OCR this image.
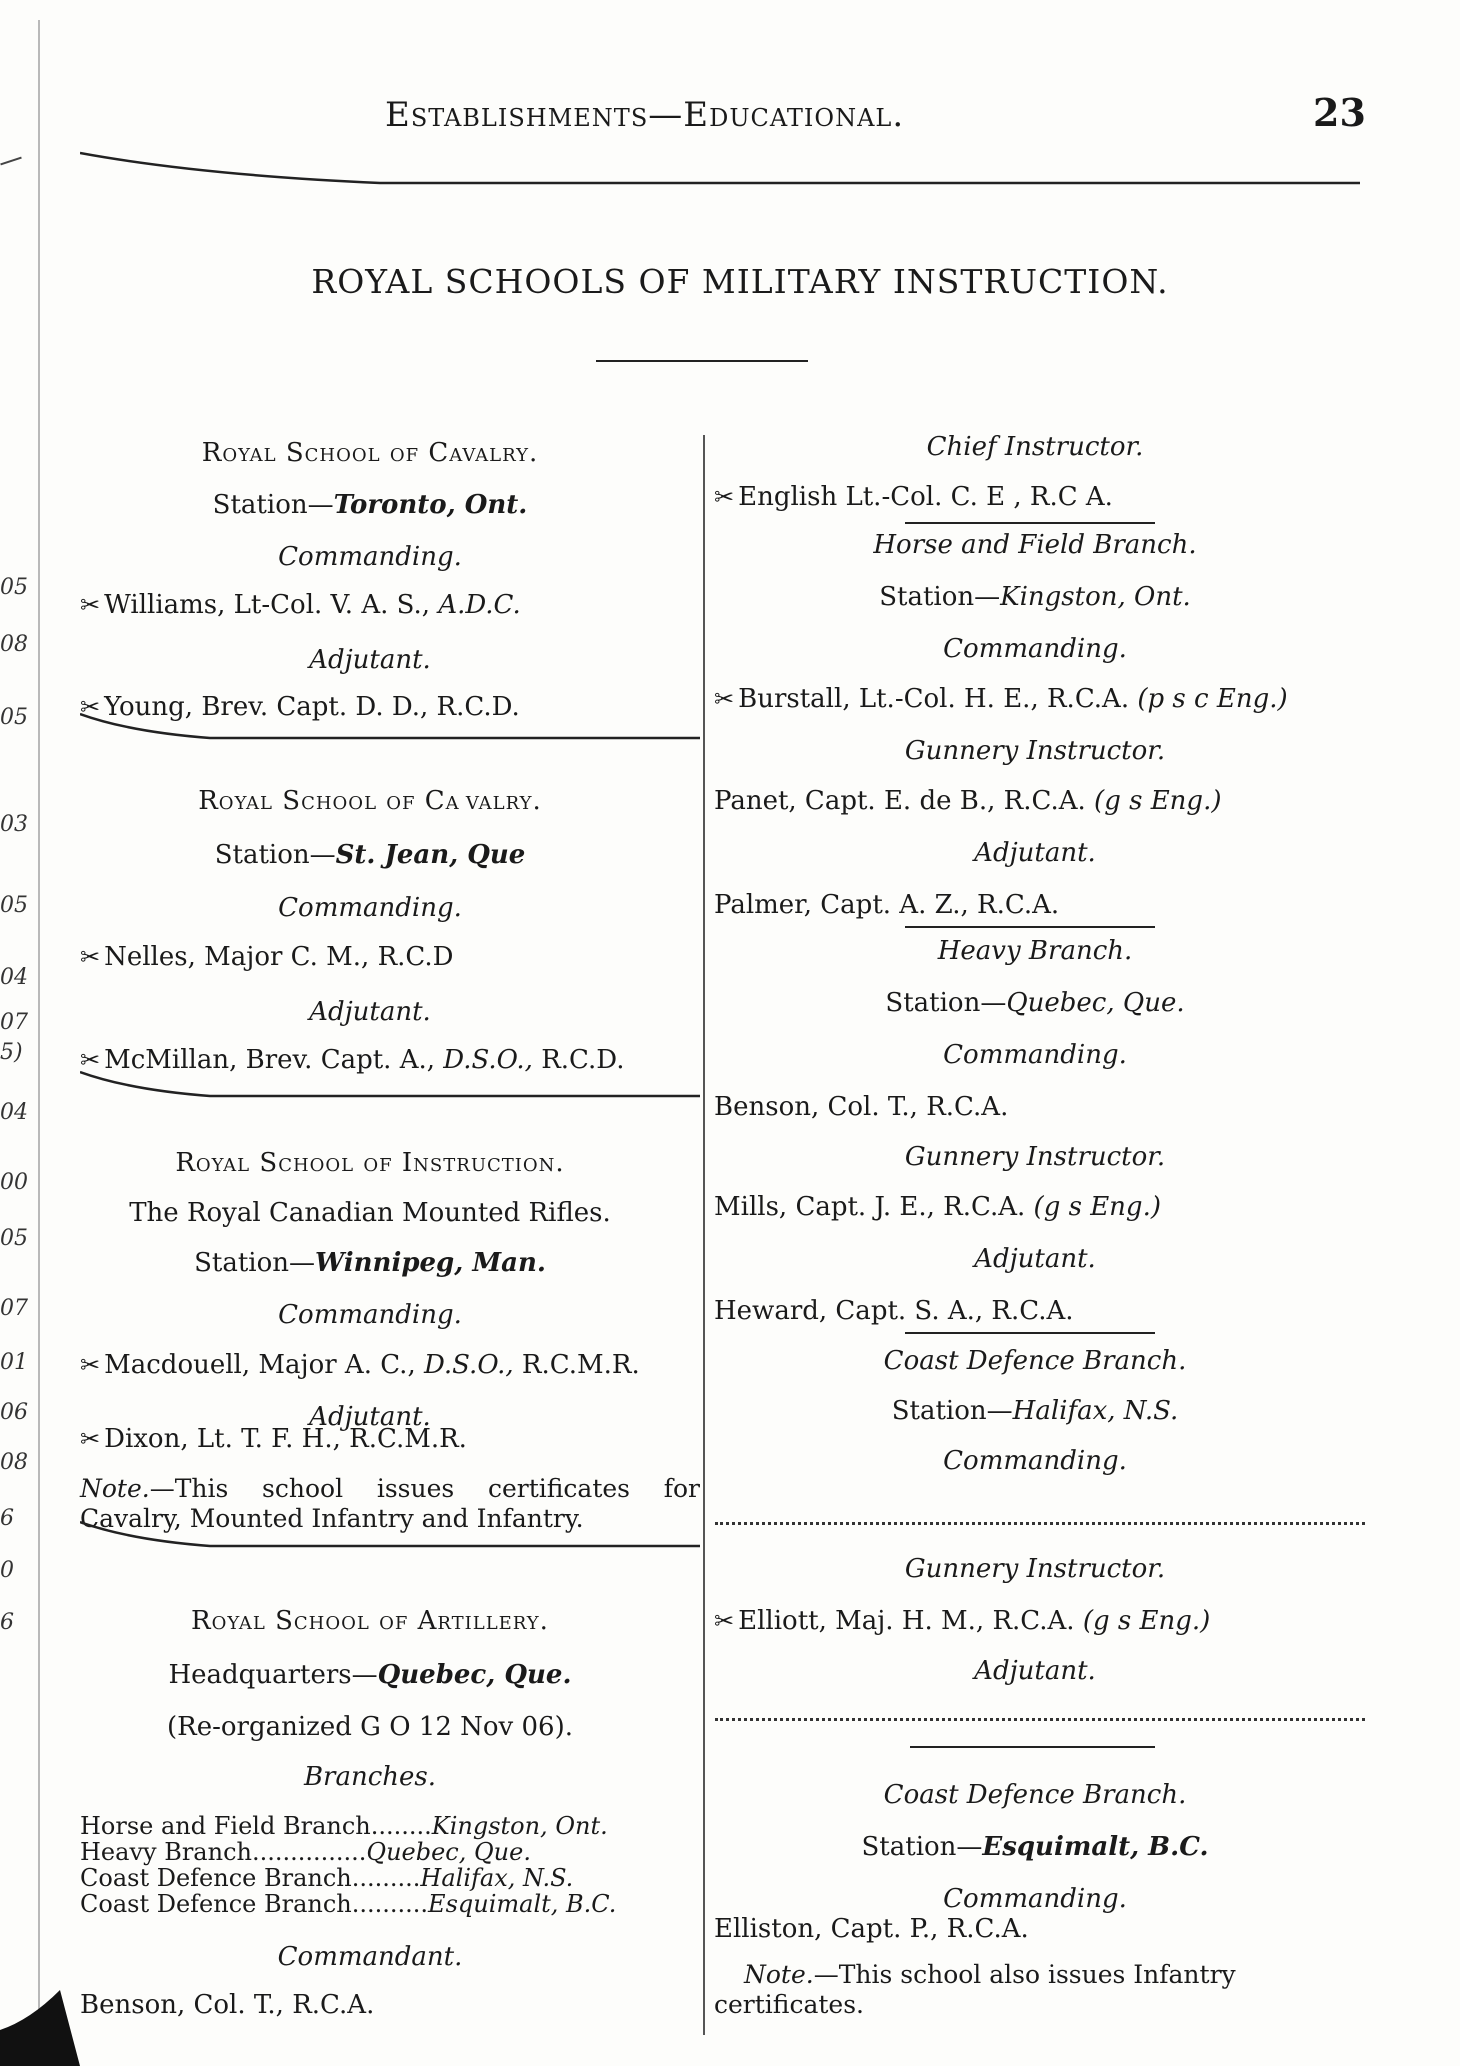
05
08
05
03
05
04
07
5)
04
00
05
07
01
06
08
6
0
6
Establishments—Educational.	23
ROYAL SCHOOLS OF MILITARY INSTRUCTION.
Royal School of Cavalry.
Station—Toronto, Ont.
Commanding.
✂ Williams, Lt-Col. V. A. S., A.D.C.
Adjutant.
✂ Young, Brev. Capt. D. D., R.C.D.
Royal School of Ca valry.
Station—St. Jean, Que
Commanding.
✂ Nelles, Major C. M., R.C.D
Adjutant.
✂ McMillan, Brev. Capt. A., D.S.O., R.C.D.
Royal School of Instruction.
The Royal Canadian Mounted Rifles.
Station—Winnipeg, Man.
Commanding.
✂ Macdouell, Major A. C., D.S.O., R.C.M.R.
Adjutant.
✂ Dixon, Lt. T. F. H., R.C.M.R.
Note.—This school issues certificates for Cavalry, Mounted Infantry and Infantry.
Royal School of Artillery.
Headquarters—Quebec, Que.
(Re-organized G O 12 Nov 06).
Branches.
Horse and Field Branch........Kingston, Ont.
Heavy Branch...............Quebec, Que.
Coast Defence Branch.........Halifax, N.S.
Coast Defence Branch..........Esquimalt, B.C.
Commandant.
Benson, Col. T., R.C.A.
Chief Instructor.
✂ English Lt.-Col. C. E , R.C A.
Horse and Field Branch.
Station—Kingston, Ont.
Commanding.
✂ Burstall, Lt.-Col. H. E., R.C.A. (p s c Eng.)
Gunnery Instructor.
Panet, Capt. E. de B., R.C.A. (g s Eng.)
Adjutant.
Palmer, Capt. A. Z., R.C.A.
Heavy Branch.
Station—Quebec, Que.
Commanding.
Benson, Col. T., R.C.A.
Gunnery Instructor.
Mills, Capt. J. E., R.C.A. (g s Eng.)
Adjutant.
Heward, Capt. S. A., R.C.A.
Coast Defence Branch.
Station—Halifax, N.S.
Commanding.
Gunnery Instructor.
✂ Elliott, Maj. H. M., R.C.A. (g s Eng.)
Adjutant.
Coast Defence Branch.
Station—Esquimalt, B.C.
Commanding.
Elliston, Capt. P., R.C.A.
Note.—This school also issues Infantry certificates.
